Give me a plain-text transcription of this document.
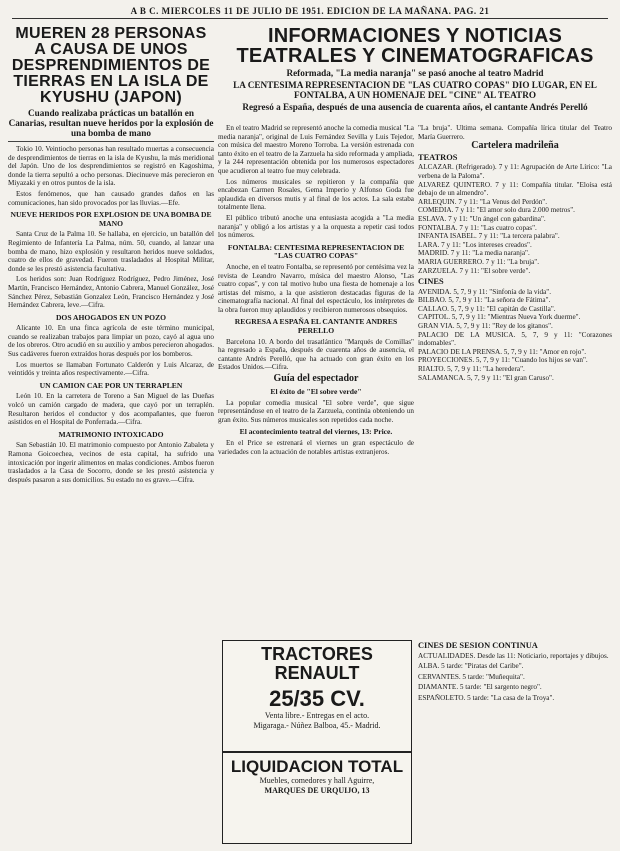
A B C. MIERCOLES 11 DE JULIO DE 1951. EDICION DE LA MAÑANA. PAG. 21
MUEREN 28 PERSONAS A CAUSA DE UNOS DESPRENDIMIENTOS DE TIERRAS EN LA ISLA DE KYUSHU (JAPON)
Cuando realizaba prácticas un batallón en Canarias, resultan nueve heridos por la explosión de una bomba de mano

Tokio 10. Veintiocho personas han resultado muertas a consecuencia de desprendimientos de tierras en la isla de Kyushu, la más meridional del Japón. Uno de los desprendimientos se registró en Kagoshima, donde la tierra sepultó a ocho personas. Diecinueve más perecieron en Miyazaki y en otros puntos de la isla.

Estos fenómenos, que han causado grandes daños en las comunicaciones, han sido provocados por las lluvias.—Efe.

NUEVE HERIDOS POR EXPLOSION DE UNA BOMBA DE MANO

Santa Cruz de la Palma 10. Se hallaba, en ejercicio, un batallón del Regimiento de Infantería La Palma, núm. 50, cuando, al lanzar una bomba de mano, hizo explosión y resultaron heridos nueve soldados, cuatro de ellos de gravedad. Fueron trasladados al Hospital Militar, donde se les prestó asistencia facultativa.

Los heridos son: Juan Rodríguez Rodríguez, Pedro Jiménez, José Martín, Francisco Hernández, Antonio Cabrera, Manuel González, José Sánchez Pérez, Sebastián Gonzalez León, Francisco Hernández y José Hernández Cabrera, leve.—Cifra.

DOS AHOGADOS EN UN POZO

Alicante 10. En una finca agrícola de este término municipal, cuando se realizaban trabajos para limpiar un pozo, cayó al agua uno de los obreros. Otro acudió en su auxilio y ambos perecieron ahogados. Sus cadáveres fueron extraídos horas después por los bomberos.

Los muertos se llamaban Fortunato Calderón y Luis Alcaraz, de veintidós y treinta años respectivamente.—Cifra.

UN CAMION CAE POR UN TERRAPLEN

León 10. En la carretera de Toreno a San Miguel de las Dueñas volcó un camión cargado de madera, que cayó por un terraplén. Resultaron heridos el conductor y dos acompañantes, que fueron asistidos en el Hospital de Ponferrada.—Cifra.

MATRIMONIO INTOXICADO

San Sebastián 10. El matrimonio compuesto por Antonio Zabaleta y Ramona Goicoechea, vecinos de esta capital, ha sufrido una intoxicación por ingerir alimentos en malas condiciones. Ambos fueron trasladados a la Casa de Socorro, donde se les prestó asistencia y después pasaron a sus domicilios. Su estado no es grave.—Cifra.

INFORMACIONES Y NOTICIAS
TEATRALES Y CINEMATOGRAFICAS
Reformada, "La media naranja" se pasó anoche al teatro Madrid
LA CENTESIMA REPRESENTACION DE "LAS CUATRO COPAS" DIO LUGAR, EN EL FONTALBA, A UN HOMENAJE DEL "CINE" AL TEATRO
Regresó a España, después de una ausencia de cuarenta años, el cantante Andrés Perelló

En el teatro Madrid se representó anoche la comedia musical "La media naranja", original de Luis Fernández Sevilla y Luis Tejedor, con música del maestro Moreno Torroba. La versión estrenada con tanto éxito en el teatro de la Zarzuela ha sido reformada y ampliada, y la 244 representación obtenida por los numerosos espectadores que acudieron al teatro fue muy celebrada.

Los números musicales se repitieron y la compañía que encabezan Carmen Rosales, Gema Imperio y Alfonso Goda fue aplaudida en diversos mutis y al final de los actos. La sala estaba totalmente llena.

El público tributó anoche una entusiasta acogida a "La media naranja" y obligó a los artistas y a la orquesta a repetir casi todos los números.

FONTALBA: CENTESIMA REPRESENTACION DE "LAS CUATRO COPAS"

Anoche, en el teatro Fontalba, se representó por centésima vez la revista de Leandro Navarro, música del maestro Alonso, "Las cuatro copas", y con tal motivo hubo una fiesta de homenaje a los artistas del mismo, a la que asistieron destacadas figuras de la cinematografía nacional. Al final del espectáculo, los intérpretes de la obra fueron muy aplaudidos y recibieron numerosos obsequios.

REGRESA A ESPAÑA EL CANTANTE ANDRES PERELLO

Barcelona 10. A bordo del trasatlántico "Marqués de Comillas" ha regresado a España, después de cuarenta años de ausencia, el cantante Andrés Perelló, que ha actuado con gran éxito en los Estados Unidos.—Cifra.

Guía del espectador
El éxito de "El sobre verde"

La popular comedia musical "El sobre verde", que sigue representándose en el teatro de la Zarzuela, continúa obteniendo un gran éxito. Sus números musicales son repetidos cada noche.

El acontecimiento teatral del viernes, 13: Price.

En el Price se estrenará el viernes un gran espectáculo de variedades con la actuación de notables artistas extranjeros.

"La bruja". Ultima semana. Compañía lírica titular del Teatro María Guerrero.

Cartelera madrileña
TEATROS

ALCAZAR. (Refrigerado). 7 y 11: Agrupación de Arte Lírico: "La verbena de la Paloma".

ALVAREZ QUINTERO. 7 y 11: Compañía titular. "Eloísa está debajo de un almendro".

ARLEQUIN. 7 y 11: "La Venus del Perdón".

COMEDIA. 7 y 11: "El amor solo dura 2.000 metros".

ESLAVA. 7 y 11: "Un ángel con gabardina".

FONTALBA. 7 y 11: "Las cuatro copas".

INFANTA ISABEL. 7 y 11: "La tercera palabra".

LARA. 7 y 11: "Los intereses creados".

MADRID. 7 y 11: "La media naranja".

MARIA GUERRERO. 7 y 11: "La bruja".

ZARZUELA. 7 y 11: "El sobre verde".

CINES

AVENIDA. 5, 7, 9 y 11: "Sinfonía de la vida".

BILBAO. 5, 7, 9 y 11: "La señora de Fátima".

CALLAO. 5, 7, 9 y 11: "El capitán de Castilla".

CAPITOL. 5, 7, 9 y 11: "Mientras Nueva York duerme".

GRAN VIA. 5, 7, 9 y 11: "Rey de los gitanos".

PALACIO DE LA MUSICA. 5, 7, 9 y 11: "Corazones indomables".

PALACIO DE LA PRENSA. 5, 7, 9 y 11: "Amor en rojo".

PROYECCIONES. 5, 7, 9 y 11: "Cuando los hijos se van".

RIALTO. 5, 7, 9 y 11: "La heredera".

SALAMANCA. 5, 7, 9 y 11: "El gran Caruso".

CINES DE SESION CONTINUA

ACTUALIDADES. Desde las 11: Noticiario, reportajes y dibujos.

ALBA. 5 tarde: "Piratas del Caribe".

CERVANTES. 5 tarde: "Muñequita".

DIAMANTE. 5 tarde: "El sargento negro".

ESPAÑOLETO. 5 tarde: "La casa de la Troya".

TRACTORES RENAULT
25/35 CV.
Venta libre.- Entregas en el acto.
Migaraga.- Núñez Balboa, 45.- Madrid.
LIQUIDACION TOTAL
Muebles, comedores y hall Aguirre,
MARQUES DE URQUIJO, 13
